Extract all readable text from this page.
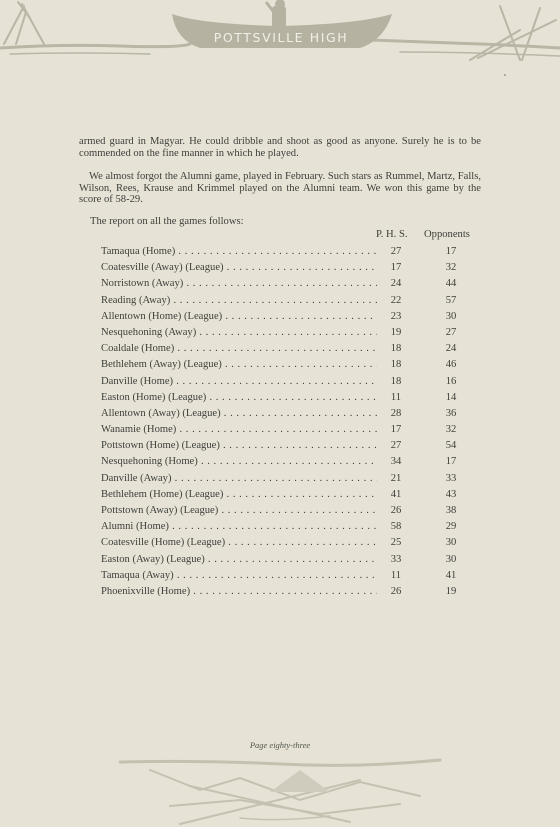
POTTSVILLE HIGH

armed guard in Magyar. He could dribble and shoot as good as anyone. Surely he is to be commended on the fine manner in which he played.

We almost forgot the Alumni game, played in February. Such stars as Rummel, Martz, Falls, Wilson, Rees, Krause and Krimmel played on the Alumni team. We won this game by the score of 58-29.

The report on all the games follows:

P. H. S. Opponents
Tamaqua (Home) . . .	27	17
Coatesville (Away) (League) . . .	17	32
Norristown (Away) . . .	24	44
Reading (Away) . . .	22	57
Allentown (Home) (League) . . .	23	30
Nesquehoning (Away) . . .	19	27
Coaldale (Home) . . .	18	24
Bethlehem (Away) (League) . . .	18	46
Danville (Home) . . .	18	16
Easton (Home) (League) . . .	11	14
Allentown (Away) (League) . . .	28	36
Wanamie (Home) . . .	17	32
Pottstown (Home) (League) . . .	27	54
Nesquehoning (Home) . . .	34	17
Danville (Away) . . .	21	33
Bethlehem (Home) (League) . . .	41	43
Pottstown (Away) (League) . . .	26	38
Alumni (Home) . . .	58	29
Coatesville (Home) (League) . . .	25	30
Easton (Away) (League) . . .	33	30
Tamaqua (Away) . . .	11	41
Phoenixville (Home) . . .	26	19
Page eighty-three
